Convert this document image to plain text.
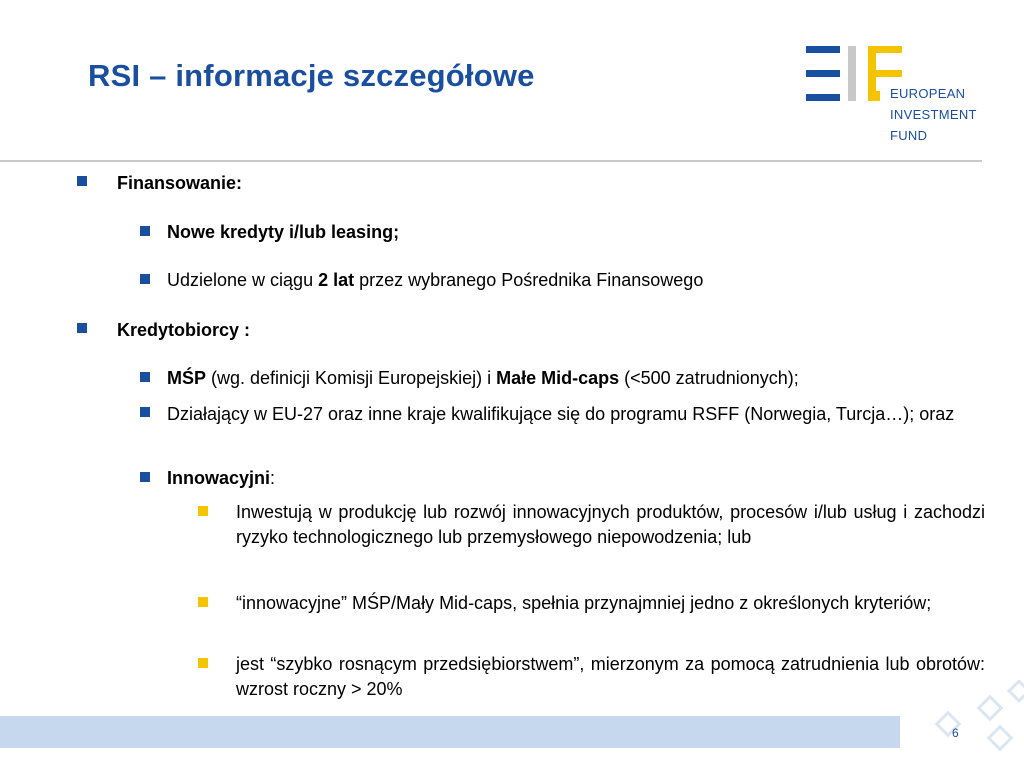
RSI – informacje szczegółowe
EUROPEAN
INVESTMENT
FUND
Finansowanie:
Nowe kredyty i/lub leasing;
Udzielone w ciągu 2 lat przez wybranego Pośrednika Finansowego
Kredytobiorcy :
MŚP (wg. definicji Komisji Europejskiej) i Małe Mid-caps (<500 zatrudnionych);
Działający w EU-27 oraz inne kraje kwalifikujące się do programu RSFF (Norwegia, Turcja…); oraz
Innowacyjni:
Inwestują w produkcję lub rozwój innowacyjnych produktów, procesów i/lub usług i zachodzi ryzyko technologicznego lub przemysłowego niepowodzenia; lub
“innowacyjne” MŚP/Mały Mid-caps, spełnia przynajmniej jedno z określonych kryteriów;
jest “szybko rosnącym przedsiębiorstwem”, mierzonym za pomocą zatrudnienia lub obrotów: wzrost roczny > 20%
6
